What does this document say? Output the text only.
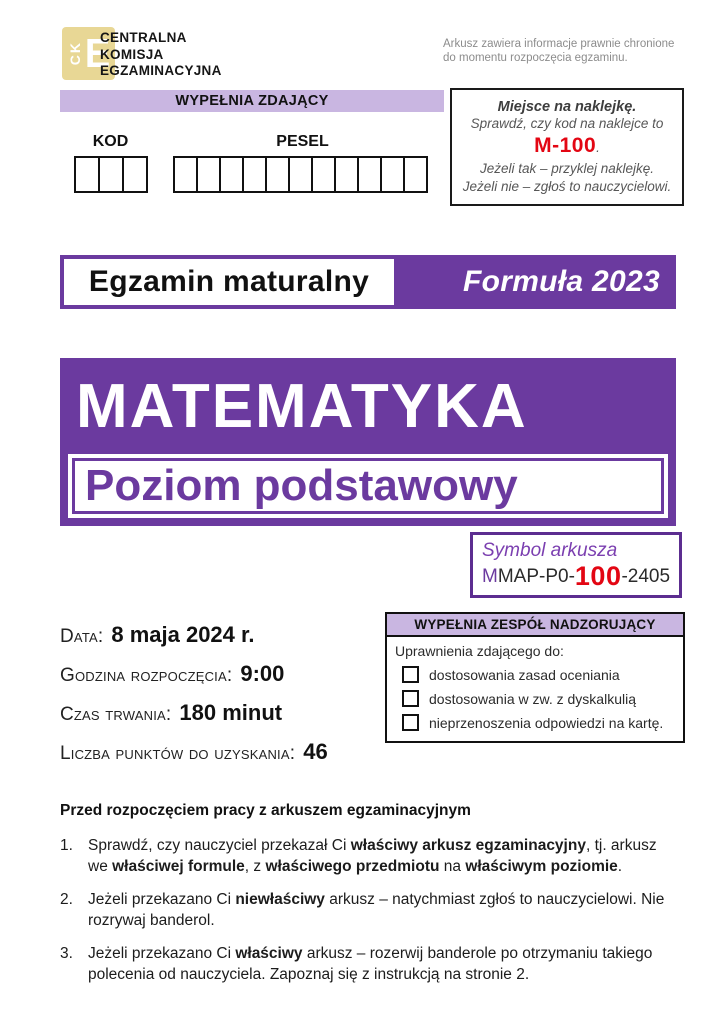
CK E
CENTRALNA
KOMISJA
EGZAMINACYJNA
Arkusz zawiera informacje prawnie chronione
do momentu rozpoczęcia egzaminu.
WYPEŁNIA ZDAJĄCY
KOD	PESEL
Miejsce na naklejkę.
Sprawdź, czy kod na naklejce to
M-100.
Jeżeli tak – przyklej naklejkę.
Jeżeli nie – zgłoś to nauczycielowi.
Egzamin maturalny	Formuła 2023
MATEMATYKA
Poziom podstawowy
Symbol arkusza
M MAP-P0- 100 -2405
Data: 8 maja 2024 r.
Godzina rozpoczęcia: 9:00
Czas trwania: 180 minut
Liczba punktów do uzyskania: 46
WYPEŁNIA ZESPÓŁ NADZORUJĄCY
Uprawnienia zdającego do:
dostosowania zasad oceniania
dostosowania w zw. z dyskalkulią
nieprzenoszenia odpowiedzi na kartę.
Przed rozpoczęciem pracy z arkuszem egzaminacyjnym
1. Sprawdź, czy nauczyciel przekazał Ci właściwy arkusz egzaminacyjny, tj. arkusz we właściwej formule, z właściwego przedmiotu na właściwym poziomie.
2. Jeżeli przekazano Ci niewłaściwy arkusz – natychmiast zgłoś to nauczycielowi. Nie rozrywaj banderol.
3. Jeżeli przekazano Ci właściwy arkusz – rozerwij banderole po otrzymaniu takiego polecenia od nauczyciela. Zapoznaj się z instrukcją na stronie 2.
